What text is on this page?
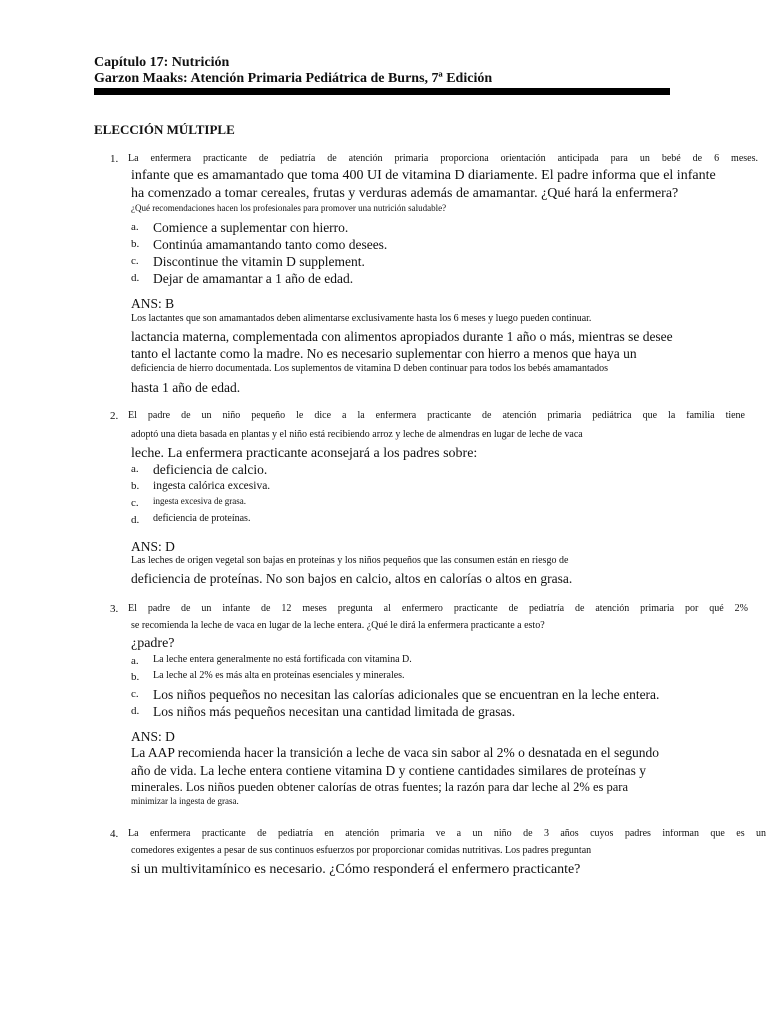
Capítulo 17: Nutrición
Garzon Maaks: Atención Primaria Pediátrica de Burns, 7ª Edición
ELECCIÓN MÚLTIPLE
1. La enfermera practicante de pediatría de atención primaria proporciona orientación anticipada para un bebé de 6 meses.
infante que es amamantado que toma 400 UI de vitamina D diariamente. El padre informa que el infante
ha comenzado a tomar cereales, frutas y verduras además de amamantar. ¿Qué hará la enfermera?
¿Qué recomendaciones hacen los profesionales para promover una nutrición saludable?
a. Comience a suplementar con hierro.
b. Continúa amamantando tanto como desees.
c. Discontinue the vitamin D supplement.
d. Dejar de amamantar a 1 año de edad.
ANS: B
Los lactantes que son amamantados deben alimentarse exclusivamente hasta los 6 meses y luego pueden continuar.
lactancia materna, complementada con alimentos apropiados durante 1 año o más, mientras se desee
tanto el lactante como la madre. No es necesario suplementar con hierro a menos que haya un
deficiencia de hierro documentada. Los suplementos de vitamina D deben continuar para todos los bebés amamantados
hasta 1 año de edad.
2. El padre de un niño pequeño le dice a la enfermera practicante de atención primaria pediátrica que la familia tiene
adoptó una dieta basada en plantas y el niño está recibiendo arroz y leche de almendras en lugar de leche de vaca
leche. La enfermera practicante aconsejará a los padres sobre:
a. deficiencia de calcio.
b. ingesta calórica excesiva.
c. ingesta excesiva de grasa.
d. deficiencia de proteínas.
ANS: D
Las leches de origen vegetal son bajas en proteínas y los niños pequeños que las consumen están en riesgo de
deficiencia de proteínas. No son bajos en calcio, altos en calorías o altos en grasa.
3. El padre de un infante de 12 meses pregunta al enfermero practicante de pediatría de atención primaria por qué 2%
se recomienda la leche de vaca en lugar de la leche entera. ¿Qué le dirá la enfermera practicante a esto?
¿padre?
a. La leche entera generalmente no está fortificada con vitamina D.
b. La leche al 2% es más alta en proteínas esenciales y minerales.
c. Los niños pequeños no necesitan las calorías adicionales que se encuentran en la leche entera.
d. Los niños más pequeños necesitan una cantidad limitada de grasas.
ANS: D
La AAP recomienda hacer la transición a leche de vaca sin sabor al 2% o desnatada en el segundo
año de vida. La leche entera contiene vitamina D y contiene cantidades similares de proteínas y
minerales. Los niños pueden obtener calorías de otras fuentes; la razón para dar leche al 2% es para
minimizar la ingesta de grasa.
4. La enfermera practicante de pediatría en atención primaria ve a un niño de 3 años cuyos padres informan que es un
comedores exigentes a pesar de sus continuos esfuerzos por proporcionar comidas nutritivas. Los padres preguntan
si un multivitamínico es necesario. ¿Cómo responderá el enfermero practicante?
